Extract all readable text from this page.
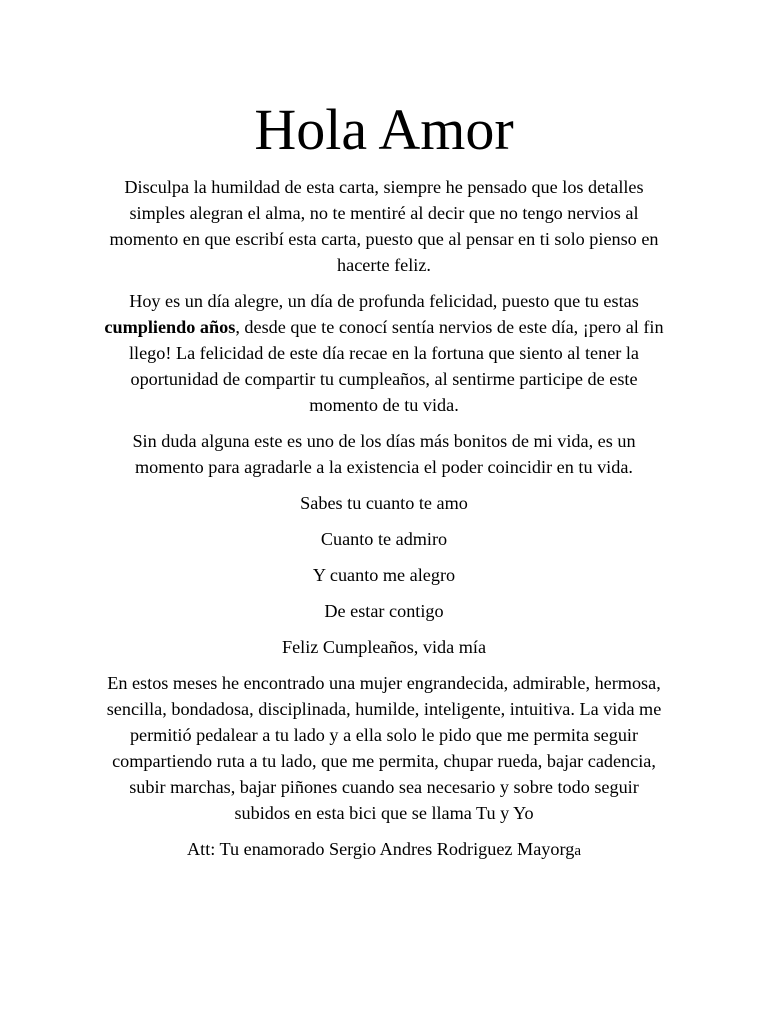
Hola Amor

Disculpa la humildad de esta carta, siempre he pensado que los detalles simples alegran el alma, no te mentiré al decir que no tengo nervios al momento en que escribí esta carta, puesto que al pensar en ti solo pienso en hacerte feliz.

Hoy es un día alegre, un día de profunda felicidad, puesto que tu estas cumpliendo años, desde que te conocí sentía nervios de este día, ¡pero al fin llego! La felicidad de este día recae en la fortuna que siento al tener la oportunidad de compartir tu cumpleaños, al sentirme participe de este momento de tu vida.

Sin duda alguna este es uno de los días más bonitos de mi vida, es un momento para agradarle a la existencia el poder coincidir en tu vida.

Sabes tu cuanto te amo

Cuanto te admiro

Y cuanto me alegro

De estar contigo

Feliz Cumpleaños, vida mía

En estos meses he encontrado una mujer engrandecida, admirable, hermosa, sencilla, bondadosa, disciplinada, humilde, inteligente, intuitiva. La vida me permitió pedalear a tu lado y a ella solo le pido que me permita seguir compartiendo ruta a tu lado, que me permita, chupar rueda, bajar cadencia, subir marchas, bajar piñones cuando sea necesario y sobre todo seguir subidos en esta bici que se llama Tu y Yo

Att: Tu enamorado Sergio Andres Rodriguez Mayorga
